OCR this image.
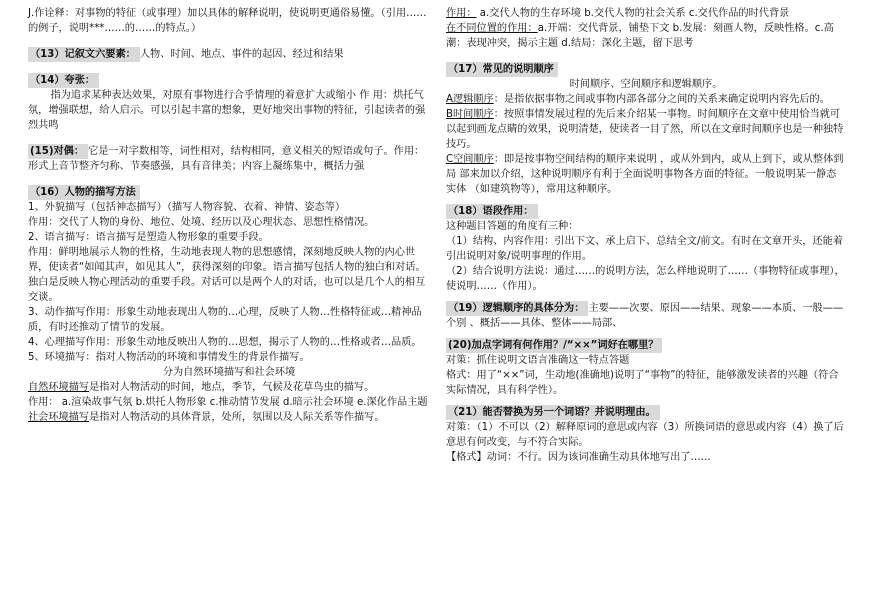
J.作诠释：对事物的特征（或事理）加以具体的解释说明，使说明更通俗易懂。（引用……的例子，说明***……的……的特点。）

（13）记叙文六要素： 人物、时间、地点、事件的起因、经过和结果

（14）夸张：

指为追求某种表达效果，对原有事物进行合乎情理的着意扩大或缩小 作 用：烘托气氛，增强联想，给人启示。可以引起丰富的想象，更好地突出事物的特征，引起读者的强烈共鸣

(15)对偶： 它是一对字数相等，词性相对，结构相同，意义相关的短语或句子。作用：形式上音节整齐匀称、节奏感强，具有音律美；内容上凝练集中，概括力强

（16）人物的描写方法

1、外貌描写（包括神态描写）（描写人物容貌、衣着、神情、姿态等）

作用：交代了人物的身份、地位、处境、经历以及心理状态、思想性格情况。

2、语言描写：语言描写是塑造人物形象的重要手段。

作用：鲜明地展示人物的性格，生动地表现人物的思想感情，深刻地反映人物的内心世界，使读者“如闻其声，如见其人”，获得深刻的印象。语言描写包括人物的独白和对话。独白是反映人物心理活动的重要手段。对话可以是两个人的对话，也可以是几个人的相互交谈。

3、动作描写作用：形象生动地表现出人物的…心理，反映了人物…性格特征或…精神品质，有时还推动了情节的发展。

4、心理描写作用：形象生动地反映出人物的…思想，揭示了人物的…性格或者…品质。

5、环境描写：指对人物活动的环境和事情发生的背景作描写。

分为自然环境描写和社会环境

自然环境描写是指对人物活动的时间，地点，季节，气候及花草鸟虫的描写。

作用： a.渲染故事气氛 b.烘托人物形象 c.推动情节发展 d.暗示社会环境 e.深化作品主题

社会环境描写是指对人物活动的具体背景，处所，氛围以及人际关系等作描写。

作用： a.交代人物的生存环境 b.交代人物的社会关系 c.交代作品的时代背景

在不同位置的作用：a.开端：交代背景，铺垫下文 b.发展：刻画人物，反映性格。c.高潮：表现冲突，揭示主题 d.结局：深化主题，留下思考

（17）常见的说明顺序

时间顺序、空间顺序和逻辑顺序。

A逻辑顺序：是指依据事物之间或事物内部各部分之间的关系来确定说明内容先后的。

B时间顺序：按照事情发展过程的先后来介绍某一事物。时间顺序在文章中使用恰当就可以起到画龙点睛的效果，说明清楚，使读者一目了然，所以在文章时间顺序也是一种独特技巧。

C空间顺序：即是按事物空间结构的顺序来说明 ，或从外到内，或从上到下，或从整体到局 部来加以介绍，这种说明顺序有利于全面说明事物各方面的特征。一般说明某一静态实体 （如建筑物等），常用这种顺序。

（18）语段作用：

这种题目答题的角度有三种：

（1）结构、内容作用：引出下文、承上启下、总结全文/前文。有时在文章开头，还能着引出说明对象/说明事理的作用。

（2）结合说明方法说：通过……的说明方法，怎么样地说明了……（事物特征或事理），使说明……（作用）。

（19）逻辑顺序的具体分为： 主要——次要、原因——结果、现象——本质、一般——个别 、概括——具体、整体——局部、

(20)加点字词有何作用？/“××”词好在哪里？

对策：抓住说明文语言准确这一特点答题

格式：用了“××”词，生动地(准确地)说明了“事物”的特征，能够激发读者的兴趣（符合实际情况，具有科学性）。

（21）能否替换为另一个词语？并说明理由。

对策：（1）不可以（2）解释原词的意思或内容（3）所换词语的意思或内容（4）换了后意思有何改变，与不符合实际。

【格式】动词：不行。因为该词准确生动具体地写出了……
